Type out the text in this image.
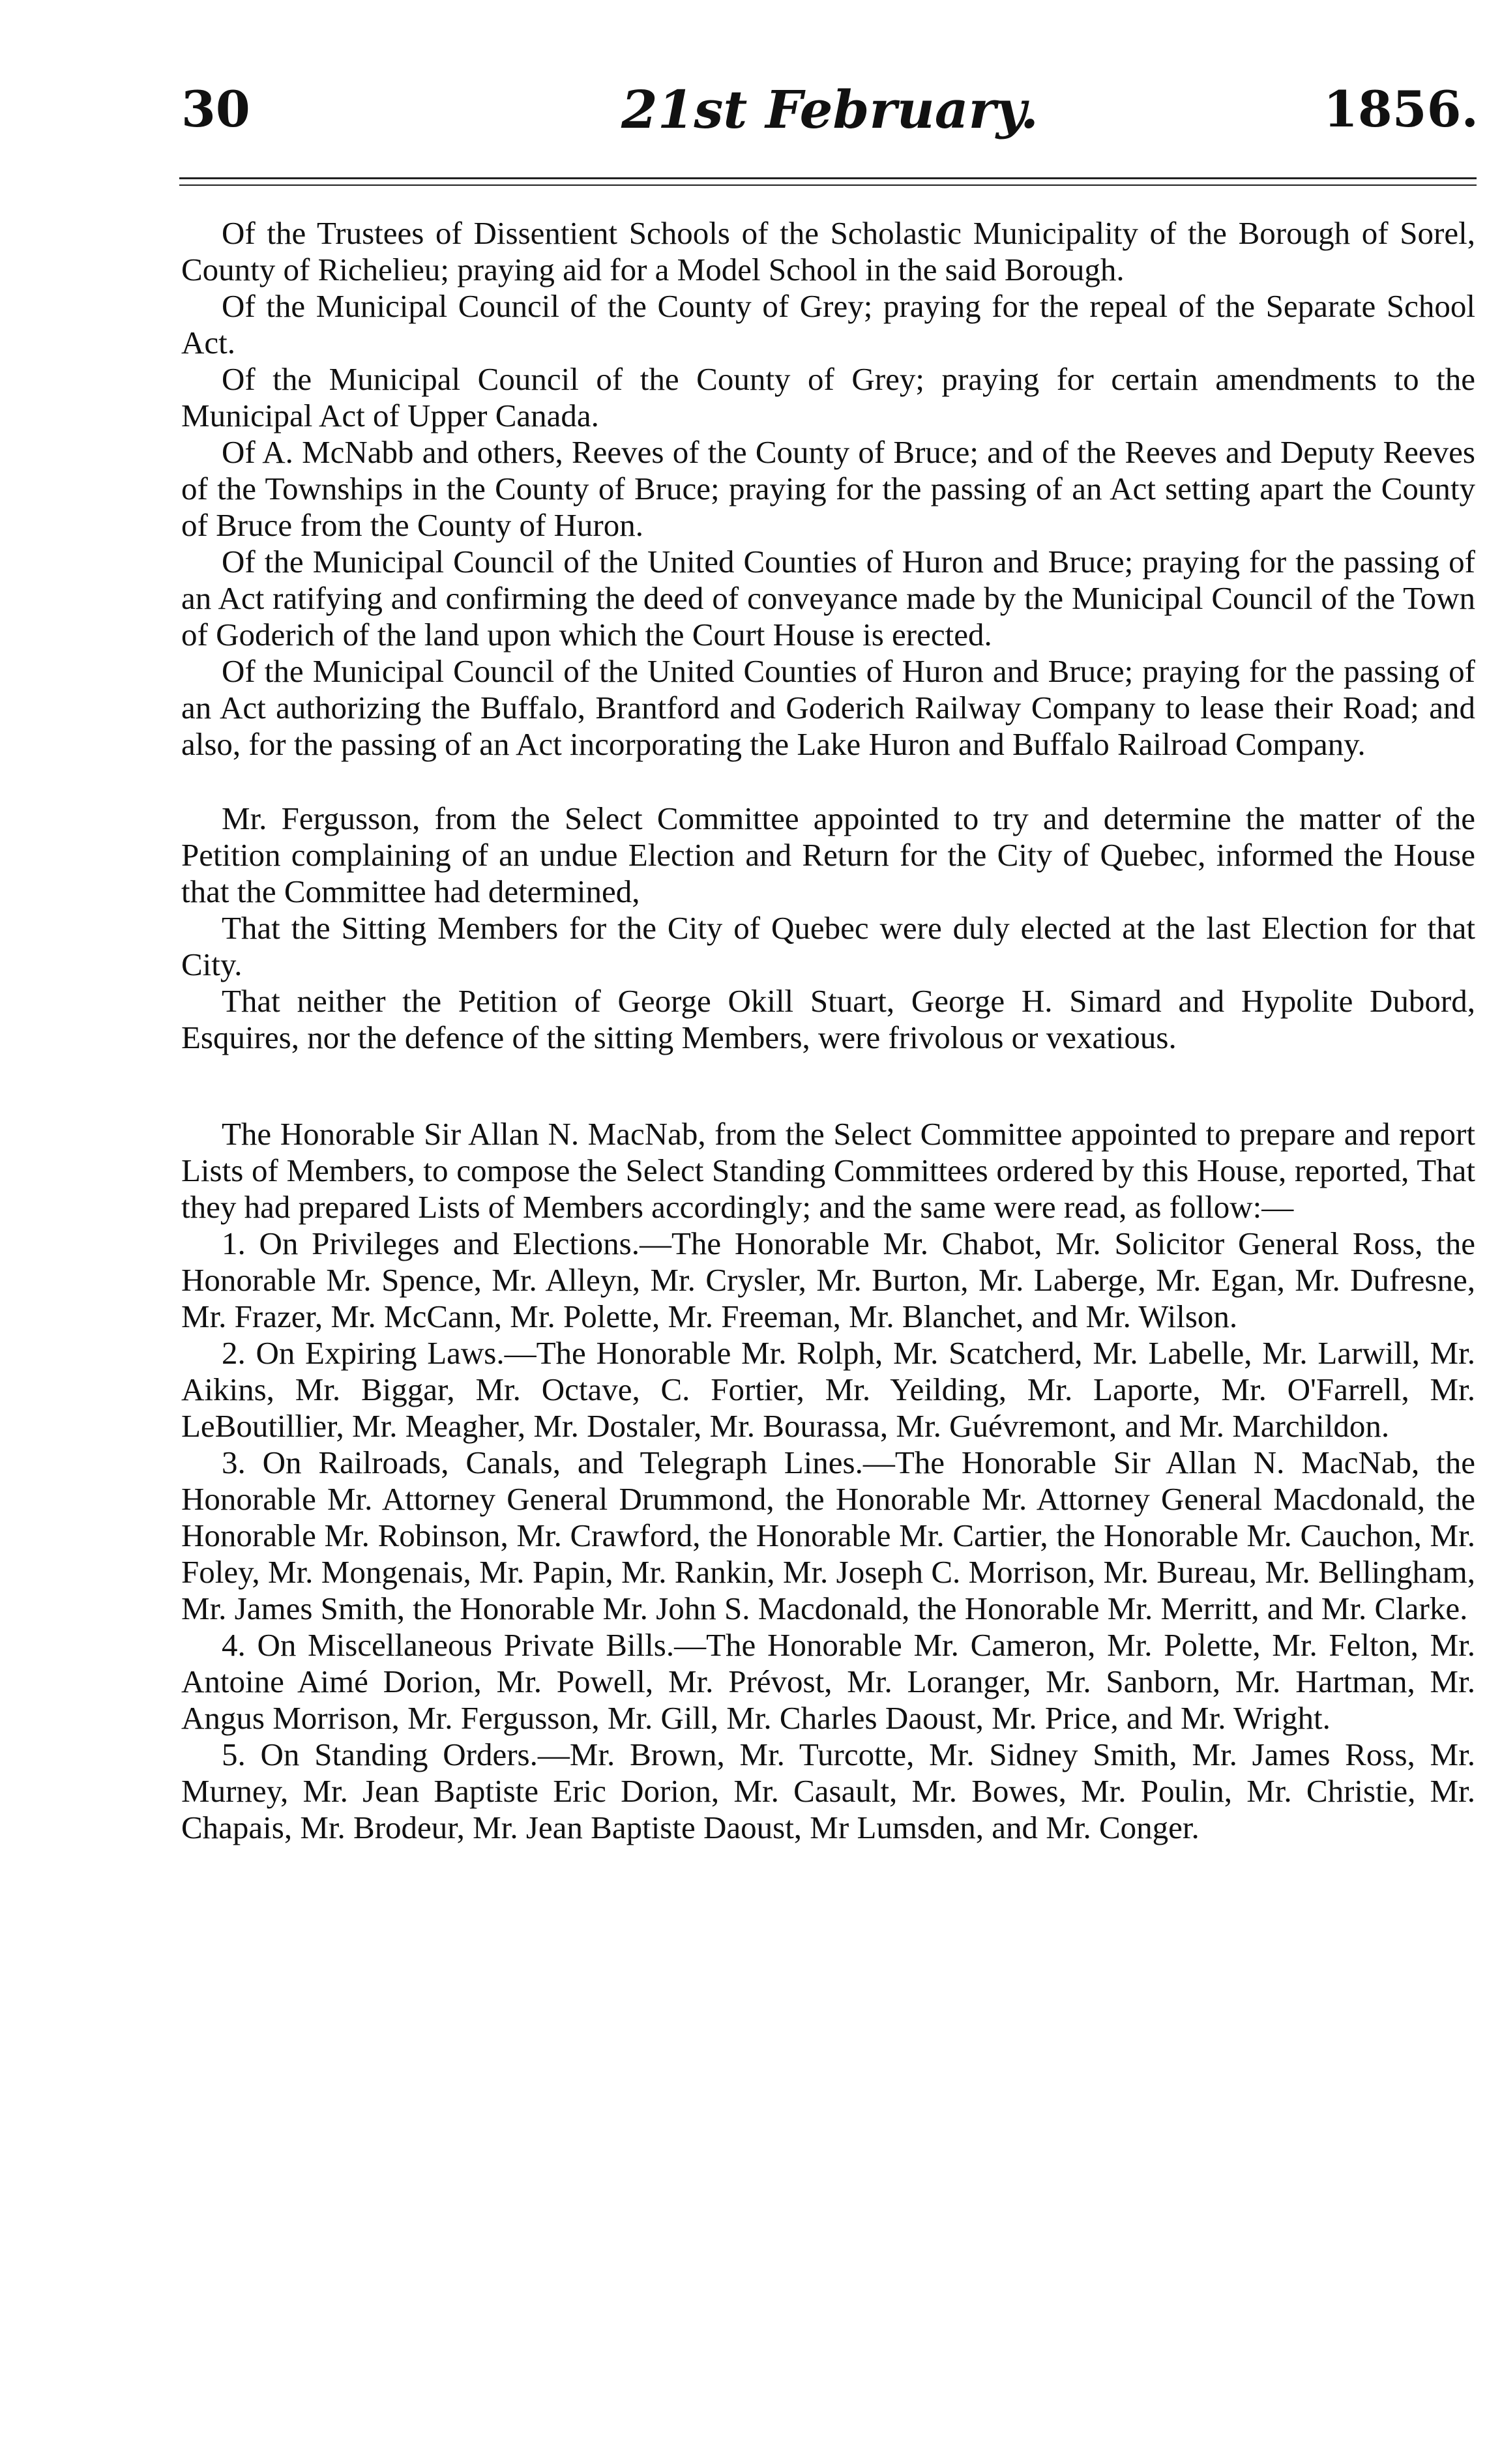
30	21st February.	1856.

Of the Trustees of Dissentient Schools of the Scholastic Municipality of the Borough of Sorel, County of Richelieu; praying aid for a Model School in the said Borough.

Of the Municipal Council of the County of Grey; praying for the repeal of the Separate School Act.

Of the Municipal Council of the County of Grey; praying for certain amendments to the Municipal Act of Upper Canada.

Of A. McNabb and others, Reeves of the County of Bruce; and of the Reeves and Deputy Reeves of the Townships in the County of Bruce; praying for the passing of an Act setting apart the County of Bruce from the County of Huron.

Of the Municipal Council of the United Counties of Huron and Bruce; praying for the passing of an Act ratifying and confirming the deed of conveyance made by the Municipal Council of the Town of Goderich of the land upon which the Court House is erected.

Of the Municipal Council of the United Counties of Huron and Bruce; praying for the passing of an Act authorizing the Buffalo, Brantford and Goderich Railway Company to lease their Road; and also, for the passing of an Act incorporating the Lake Huron and Buffalo Railroad Company.

Mr. Fergusson, from the Select Committee appointed to try and determine the matter of the Petition complaining of an undue Election and Return for the City of Quebec, informed the House that the Committee had determined,

That the Sitting Members for the City of Quebec were duly elected at the last Election for that City.

That neither the Petition of George Okill Stuart, George H. Simard and Hypolite Dubord, Esquires, nor the defence of the sitting Members, were frivolous or vexatious.

The Honorable Sir Allan N. MacNab, from the Select Committee appointed to prepare and report Lists of Members, to compose the Select Standing Committees ordered by this House, reported, That they had prepared Lists of Members accordingly; and the same were read, as follow:—

1. On Privileges and Elections.—The Honorable Mr. Chabot, Mr. Solicitor General Ross, the Honorable Mr. Spence, Mr. Alleyn, Mr. Crysler, Mr. Burton, Mr. Laberge, Mr. Egan, Mr. Dufresne, Mr. Frazer, Mr. McCann, Mr. Polette, Mr. Freeman, Mr. Blanchet, and Mr. Wilson.

2. On Expiring Laws.—The Honorable Mr. Rolph, Mr. Scatcherd, Mr. Labelle, Mr. Larwill, Mr. Aikins, Mr. Biggar, Mr. Octave, C. Fortier, Mr. Yeilding, Mr. Laporte, Mr. O'Farrell, Mr. LeBoutillier, Mr. Meagher, Mr. Dostaler, Mr. Bourassa, Mr. Guévremont, and Mr. Marchildon.

3. On Railroads, Canals, and Telegraph Lines.—The Honorable Sir Allan N. MacNab, the Honorable Mr. Attorney General Drummond, the Honorable Mr. Attorney General Macdonald, the Honorable Mr. Robinson, Mr. Crawford, the Honorable Mr. Cartier, the Honorable Mr. Cauchon, Mr. Foley, Mr. Mongenais, Mr. Papin, Mr. Rankin, Mr. Joseph C. Morrison, Mr. Bureau, Mr. Bellingham, Mr. James Smith, the Honorable Mr. John S. Macdonald, the Honorable Mr. Merritt, and Mr. Clarke.

4. On Miscellaneous Private Bills.—The Honorable Mr. Cameron, Mr. Polette, Mr. Felton, Mr. Antoine Aimé Dorion, Mr. Powell, Mr. Prévost, Mr. Loranger, Mr. Sanborn, Mr. Hartman, Mr. Angus Morrison, Mr. Fergusson, Mr. Gill, Mr. Charles Daoust, Mr. Price, and Mr. Wright.

5. On Standing Orders.—Mr. Brown, Mr. Turcotte, Mr. Sidney Smith, Mr. James Ross, Mr. Murney, Mr. Jean Baptiste Eric Dorion, Mr. Casault, Mr. Bowes, Mr. Poulin, Mr. Christie, Mr. Chapais, Mr. Brodeur, Mr. Jean Baptiste Daoust, Mr Lumsden, and Mr. Conger.
